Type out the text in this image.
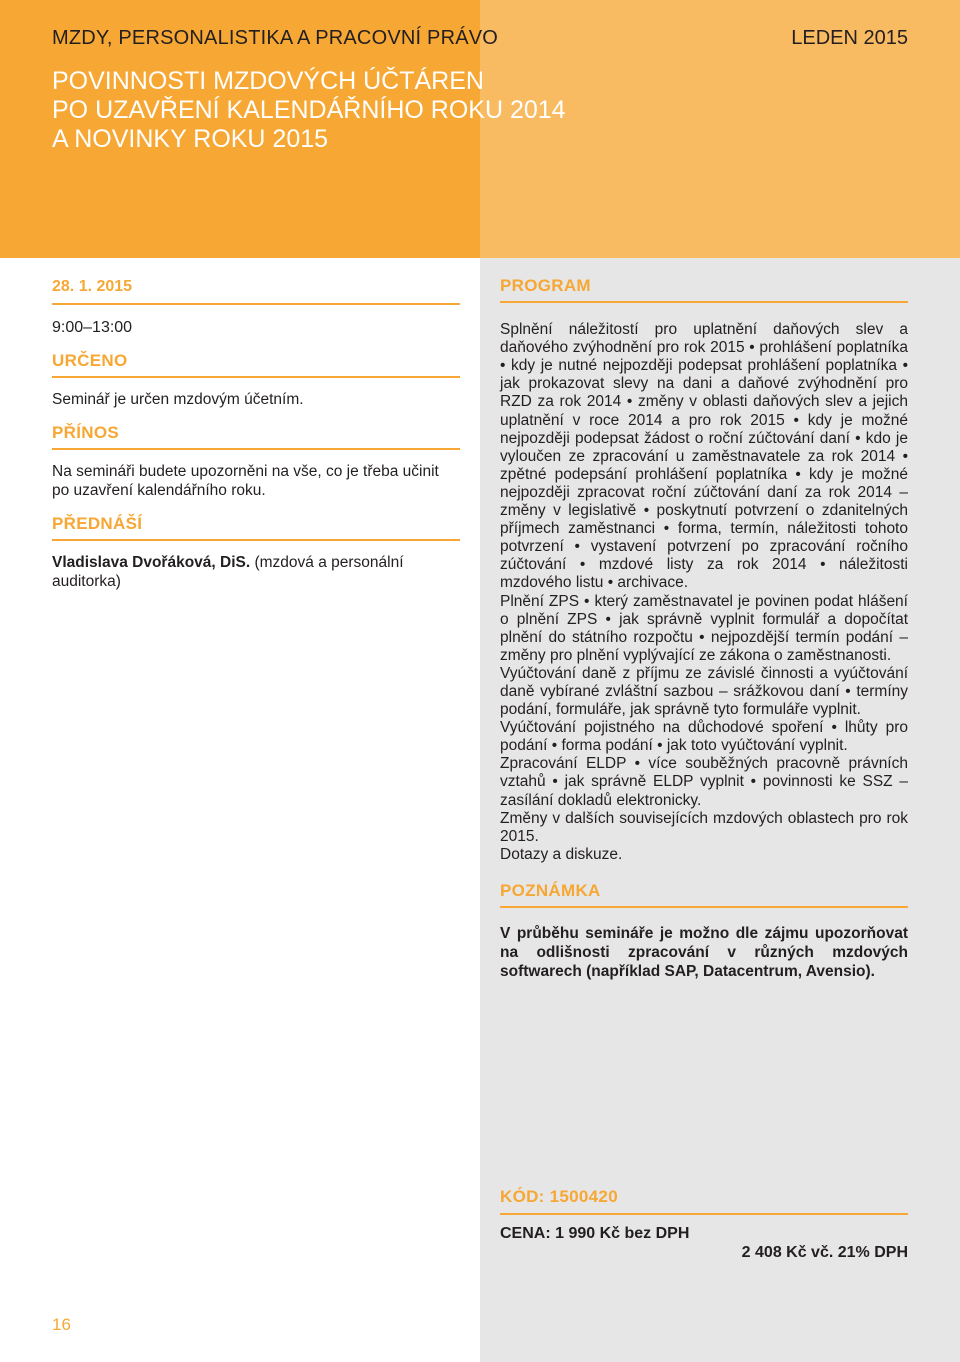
MZDY, PERSONALISTIKA A PRACOVNÍ PRÁVO	LEDEN 2015
POVINNOSTI MZDOVÝCH ÚČTÁREN
PO UZAVŘENÍ KALENDÁŘNÍHO ROKU 2014
A NOVINKY ROKU 2015
28. 1. 2015
9:00–13:00
URČENO
Seminář je určen mzdovým účetním.
PŘÍNOS
Na semináři budete upozorněni na vše, co je třeba učinit po uzavření kalendářního roku.
PŘEDNÁŠÍ
Vladislava Dvořáková, DiS. (mzdová a personální auditorka)
PROGRAM
Splnění náležitostí pro uplatnění daňových slev a daňového zvýhodnění pro rok 2015 • prohlášení poplatníka • kdy je nutné nejpozději podepsat prohlášení poplatníka • jak prokazovat slevy na dani a daňové zvýhodnění pro RZD za rok 2014 • změny v oblasti daňových slev a jejich uplatnění v roce 2014 a pro rok 2015 • kdy je možné nejpozději podepsat žádost o roční zúčtování daní • kdo je vyloučen ze zpracování u zaměstnavatele za rok 2014 • zpětné podepsání prohlášení poplatníka • kdy je možné nejpozději zpracovat roční zúčtování daní za rok 2014 – změny v legislativě • poskytnutí potvrzení o zdanitelných příjmech zaměstnanci • forma, termín, náležitosti tohoto potvrzení • vystavení potvrzení po zpracování ročního zúčtování • mzdové listy za rok 2014 • náležitosti mzdového listu • archivace.
Plnění ZPS • který zaměstnavatel je povinen podat hlášení o plnění ZPS • jak správně vyplnit formulář a dopočítat plnění do státního rozpočtu • nejpozdější termín podání – změny pro plnění vyplývající ze zákona o zaměstnanosti.
Vyúčtování daně z příjmu ze závislé činnosti a vyúčtování daně vybírané zvláštní sazbou – srážkovou daní • termíny podání, formuláře, jak správně tyto formuláře vyplnit.
Vyúčtování pojistného na důchodové spoření • lhůty pro podání • forma podání • jak toto vyúčtování vyplnit.
Zpracování ELDP • více souběžných pracovně právních vztahů • jak správně ELDP vyplnit • povinnosti ke SSZ – zasílání dokladů elektronicky.
Změny v dalších souvisejících mzdových oblastech pro rok 2015.
Dotazy a diskuze.
POZNÁMKA
V průběhu semináře je možno dle zájmu upozorňovat na odlišnosti zpracování v různých mzdových softwarech (například SAP, Datacentrum, Avensio).
KÓD: 1500420
CENA: 1 990 Kč bez DPH
2 408 Kč vč. 21% DPH
16
